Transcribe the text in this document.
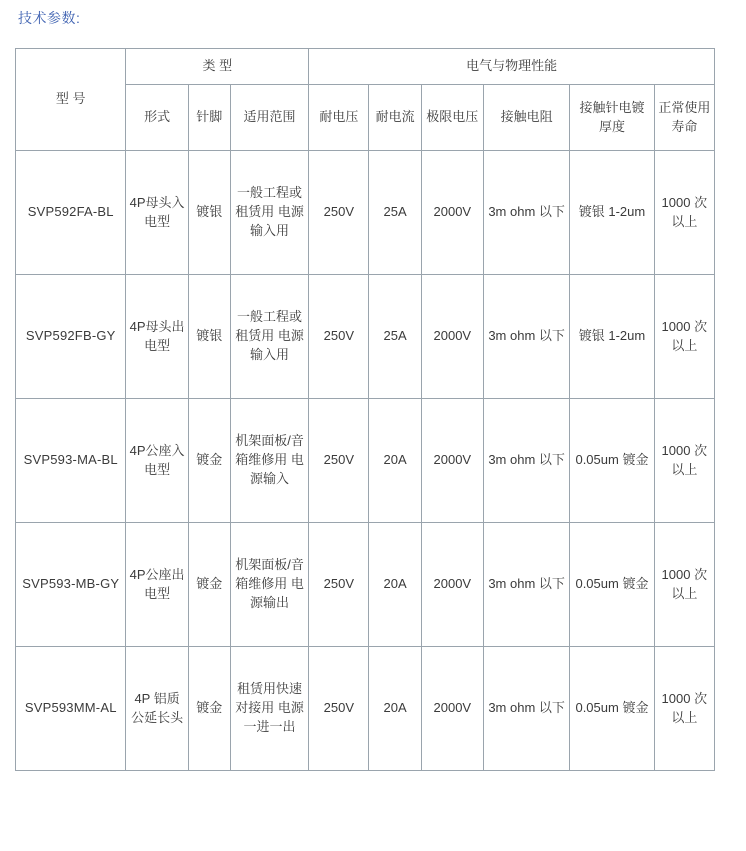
技术参数:
型 号	类 型			电气与物理性能					
	形式	针脚	适用范围	耐电压	耐电流	极限电压	接触电阻	接触针电镀厚度	正常使用寿命
SVP592FA-BL	4P母头入电型	镀银	一般工程或租赁用 电源输入用	250V	25A	2000V	3m ohm 以下	镀银 1-2um	1000 次以上
SVP592FB-GY	4P母头出电型	镀银	一般工程或租赁用 电源输入用	250V	25A	2000V	3m ohm 以下	镀银 1-2um	1000 次以上
SVP593-MA-BL	4P公座入电型	镀金	机架面板/音箱维修用 电源输入	250V	20A	2000V	3m ohm 以下	0.05um 镀金	1000 次以上
SVP593-MB-GY	4P公座出电型	镀金	机架面板/音箱维修用 电源输出	250V	20A	2000V	3m ohm 以下	0.05um 镀金	1000 次以上
SVP593MM-AL	4P 铝质公延长头	镀金	租赁用快速对接用 电源一进一出	250V	20A	2000V	3m ohm 以下	0.05um 镀金	1000 次以上
